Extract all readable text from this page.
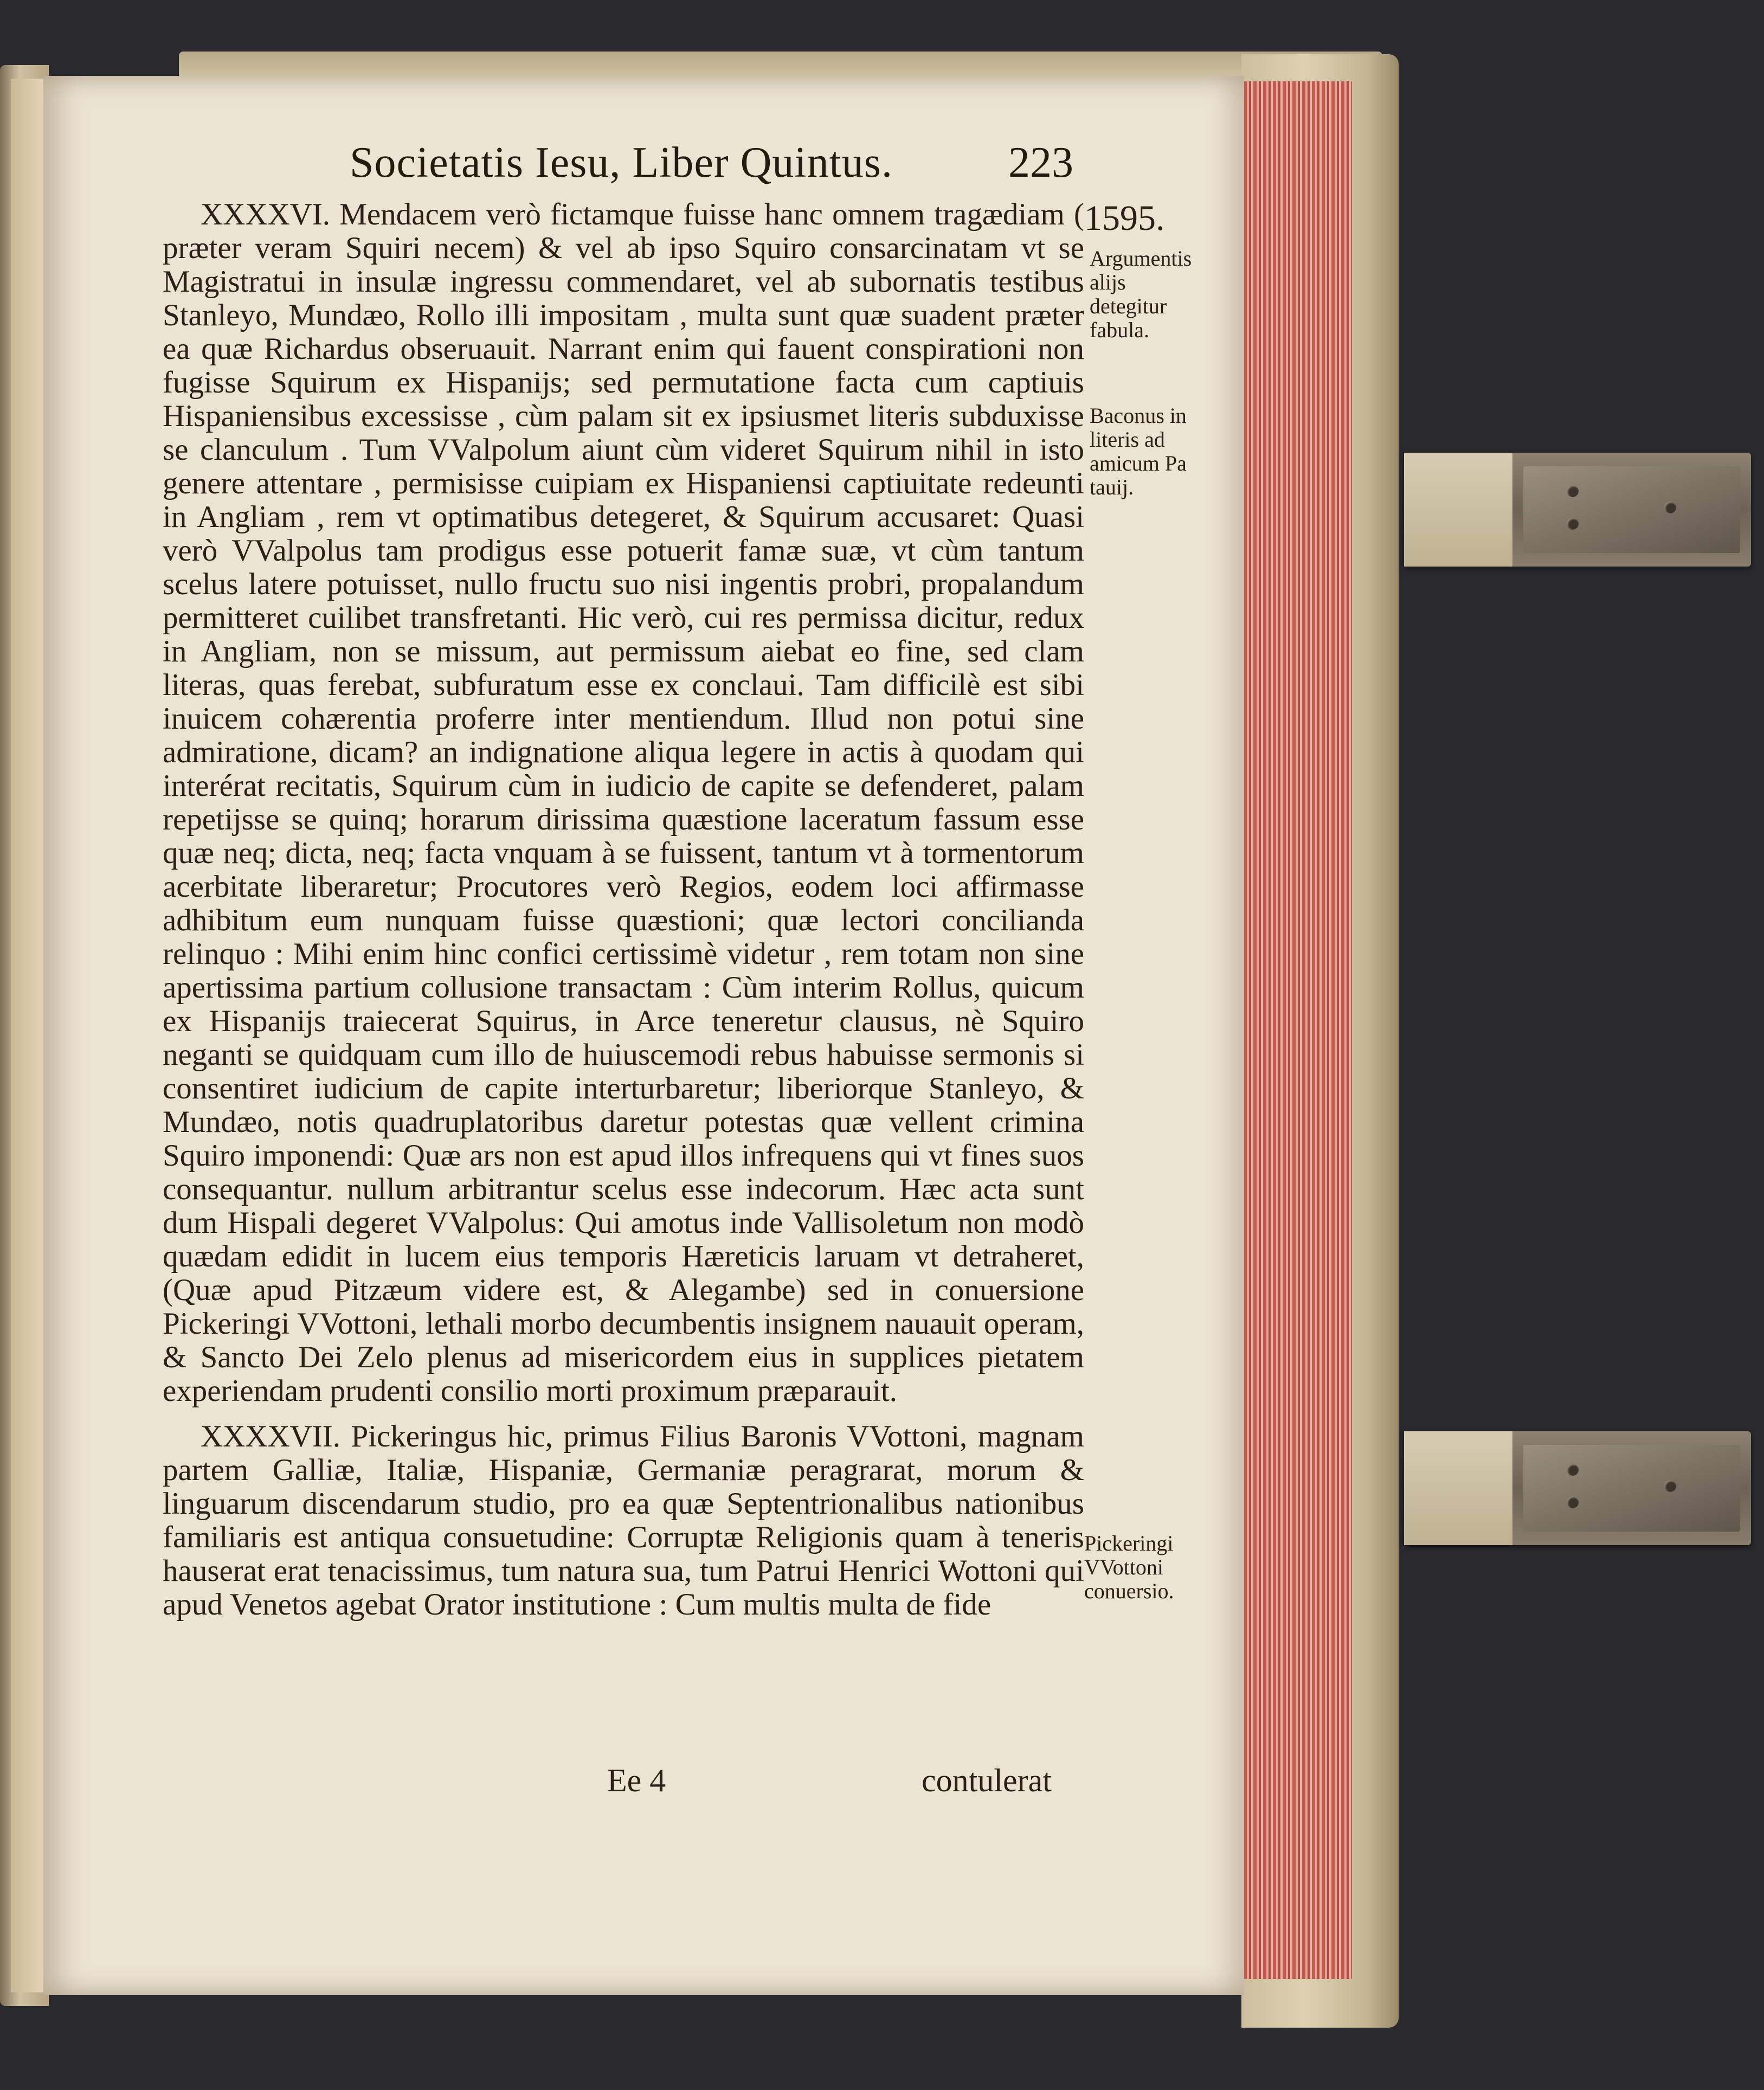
Societatis Iesu, Liber Quintus.	223
1595.

XXXXVI. Mendacem verò fictamque fuisse hanc omnem tragædiam ( præter veram Squiri necem) & vel ab ipso Squiro consarcinatam vt se Magistratui in insulæ ingressu commendaret, vel ab subornatis testibus Stanleyo, Mundæo, Rollo illi impositam , multa sunt quæ suadent præter ea quæ Richardus obseruauit. Narrant enim qui fauent conspirationi non fugisse Squirum ex Hispanijs; sed permutatione facta cum captiuis Hispaniensibus excessisse , cùm palam sit ex ipsiusmet literis subduxisse se clanculum . Tum VValpolum aiunt cùm videret Squirum nihil in isto genere attentare , permisisse cuipiam ex Hispaniensi captiuitate redeunti in Angliam , rem vt optimatibus detegeret, & Squirum accusaret: Quasi verò VValpolus tam prodigus esse potuerit famæ suæ, vt cùm tantum scelus latere potuisset, nullo fructu suo nisi ingentis probri, propalandum permitteret cuilibet transfretanti. Hic verò, cui res permissa dicitur, redux in Angliam, non se missum, aut permissum aiebat eo fine, sed clam literas, quas ferebat, subfuratum esse ex conclaui. Tam difficilè est sibi inuicem cohærentia proferre inter mentiendum. Illud non potui sine admiratione, dicam? an indignatione aliqua legere in actis à quodam qui interérat recitatis, Squirum cùm in iudicio de capite se defenderet, palam repetijsse se quinq; horarum dirissima quæstione laceratum fassum esse quæ neq; dicta, neq; facta vnquam à se fuissent, tantum vt à tormentorum acerbitate liberaretur; Procutores verò Regios, eodem loci affirmasse adhibitum eum nunquam fuisse quæstioni; quæ lectori concilianda relinquo : Mihi enim hinc confici certissimè videtur , rem totam non sine apertissima partium collusione transactam : Cùm interim Rollus, quicum ex Hispanijs traiecerat Squirus, in Arce teneretur clausus, nè Squiro neganti se quidquam cum illo de huiuscemodi rebus habuisse sermonis si consentiret iudicium de capite interturbaretur; liberiorque Stanleyo, & Mundæo, notis quadruplatoribus daretur potestas quæ vellent crimina Squiro imponendi: Quæ ars non est apud illos infrequens qui vt fines suos consequantur. nullum arbitrantur scelus esse indecorum. Hæc acta sunt dum Hispali degeret VValpolus: Qui amotus inde Vallisoletum non modò quædam edidit in lucem eius temporis Hæreticis laruam vt detraheret, (Quæ apud Pitzæum videre est, & Alegambe) sed in conuersione Pickeringi VVottoni, lethali morbo decumbentis insignem nauauit operam, & Sancto Dei Zelo plenus ad misericordem eius in supplices pietatem experiendam prudenti consilio morti proximum præparauit.

XXXXVII. Pickeringus hic, primus Filius Baronis VVottoni, magnam partem Galliæ, Italiæ, Hispaniæ, Germaniæ peragrarat, morum & linguarum discendarum studio, pro ea quæ Septentrionalibus nationibus familiaris est antiqua consuetudine: Corruptæ Religionis quam à teneris hauserat erat tenacissimus, tum natura sua, tum Patrui Henrici Wottoni qui apud Venetos agebat Orator institutione : Cum multis multa de fide

Argumentis alijs detegitur fabula.
Baconus in literis ad amicum Pa tauij.
Pickeringi VVottoni conuersio.
Ee 4	contulerat
